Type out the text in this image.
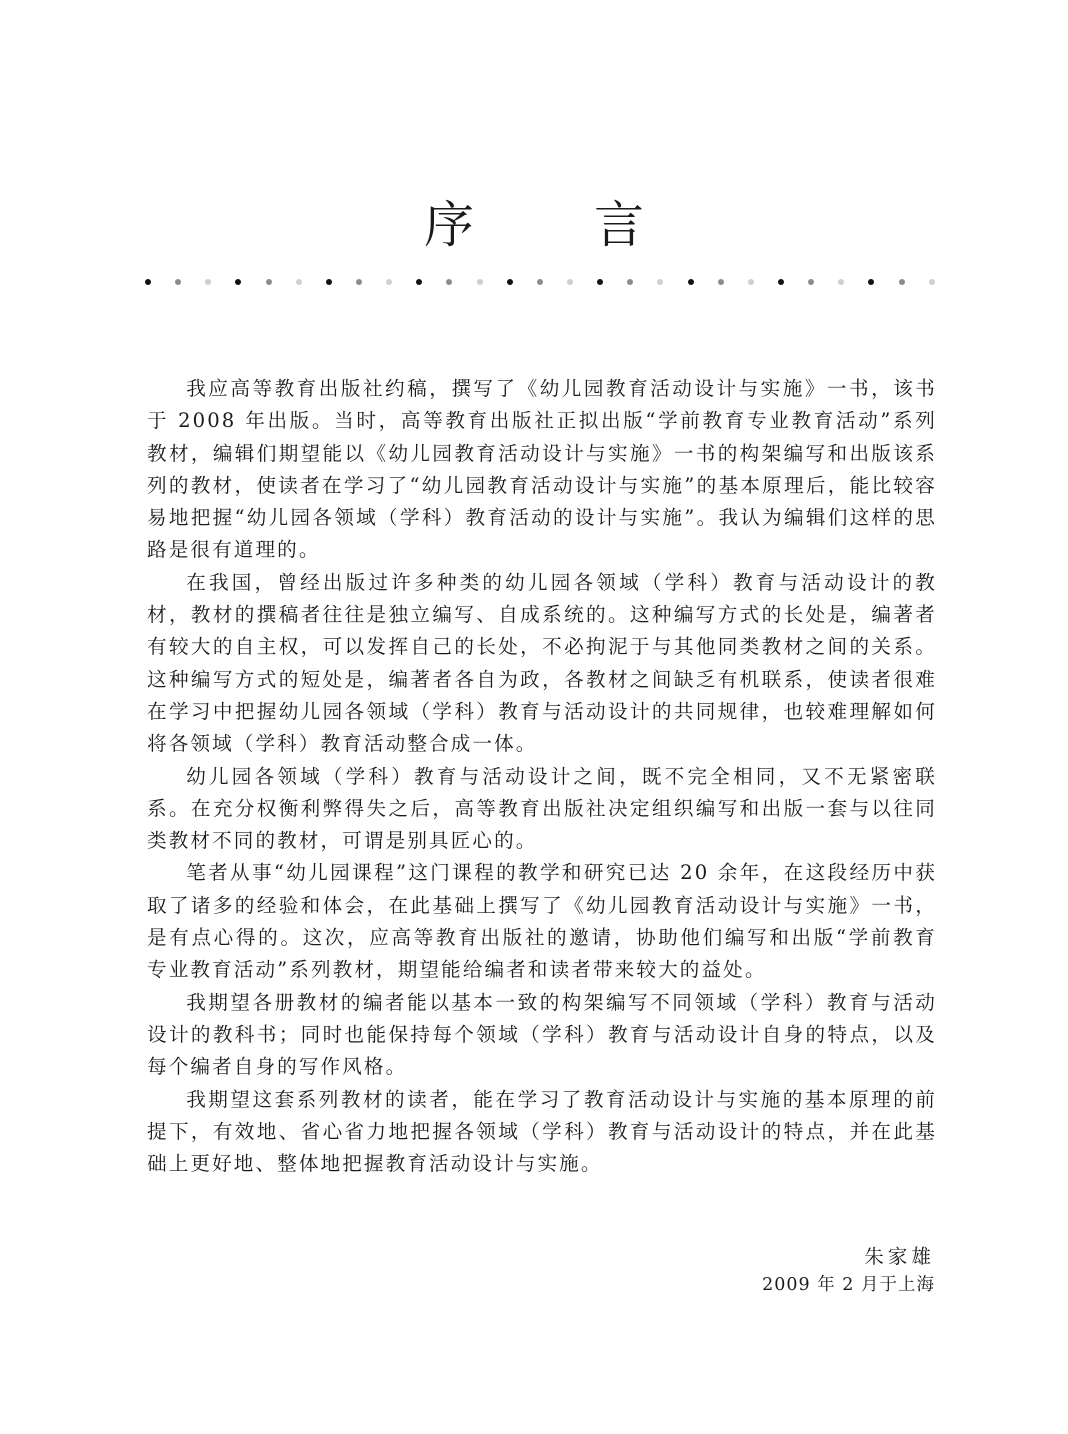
序 言

我应高等教育出版社约稿，撰写了《幼儿园教育活动设计与实施》一书，该书于 2008 年出版。当时，高等教育出版社正拟出版“学前教育专业教育活动”系列教材，编辑们期望能以《幼儿园教育活动设计与实施》一书的构架编写和出版该系列的教材，使读者在学习了“幼儿园教育活动设计与实施”的基本原理后，能比较容易地把握“幼儿园各领域（学科）教育活动的设计与实施”。我认为编辑们这样的思路是很有道理的。

在我国，曾经出版过许多种类的幼儿园各领域（学科）教育与活动设计的教材，教材的撰稿者往往是独立编写、自成系统的。这种编写方式的长处是，编著者有较大的自主权，可以发挥自己的长处，不必拘泥于与其他同类教材之间的关系。这种编写方式的短处是，编著者各自为政，各教材之间缺乏有机联系，使读者很难在学习中把握幼儿园各领域（学科）教育与活动设计的共同规律，也较难理解如何将各领域（学科）教育活动整合成一体。

幼儿园各领域（学科）教育与活动设计之间，既不完全相同，又不无紧密联系。在充分权衡利弊得失之后，高等教育出版社决定组织编写和出版一套与以往同类教材不同的教材，可谓是别具匠心的。

笔者从事“幼儿园课程”这门课程的教学和研究已达 20 余年，在这段经历中获取了诸多的经验和体会，在此基础上撰写了《幼儿园教育活动设计与实施》一书，是有点心得的。这次，应高等教育出版社的邀请，协助他们编写和出版“学前教育专业教育活动”系列教材，期望能给编者和读者带来较大的益处。

我期望各册教材的编者能以基本一致的构架编写不同领域（学科）教育与活动设计的教科书；同时也能保持每个领域（学科）教育与活动设计自身的特点，以及每个编者自身的写作风格。

我期望这套系列教材的读者，能在学习了教育活动设计与实施的基本原理的前提下，有效地、省心省力地把握各领域（学科）教育与活动设计的特点，并在此基础上更好地、整体地把握教育活动设计与实施。

朱家雄
2009 年 2 月于上海
